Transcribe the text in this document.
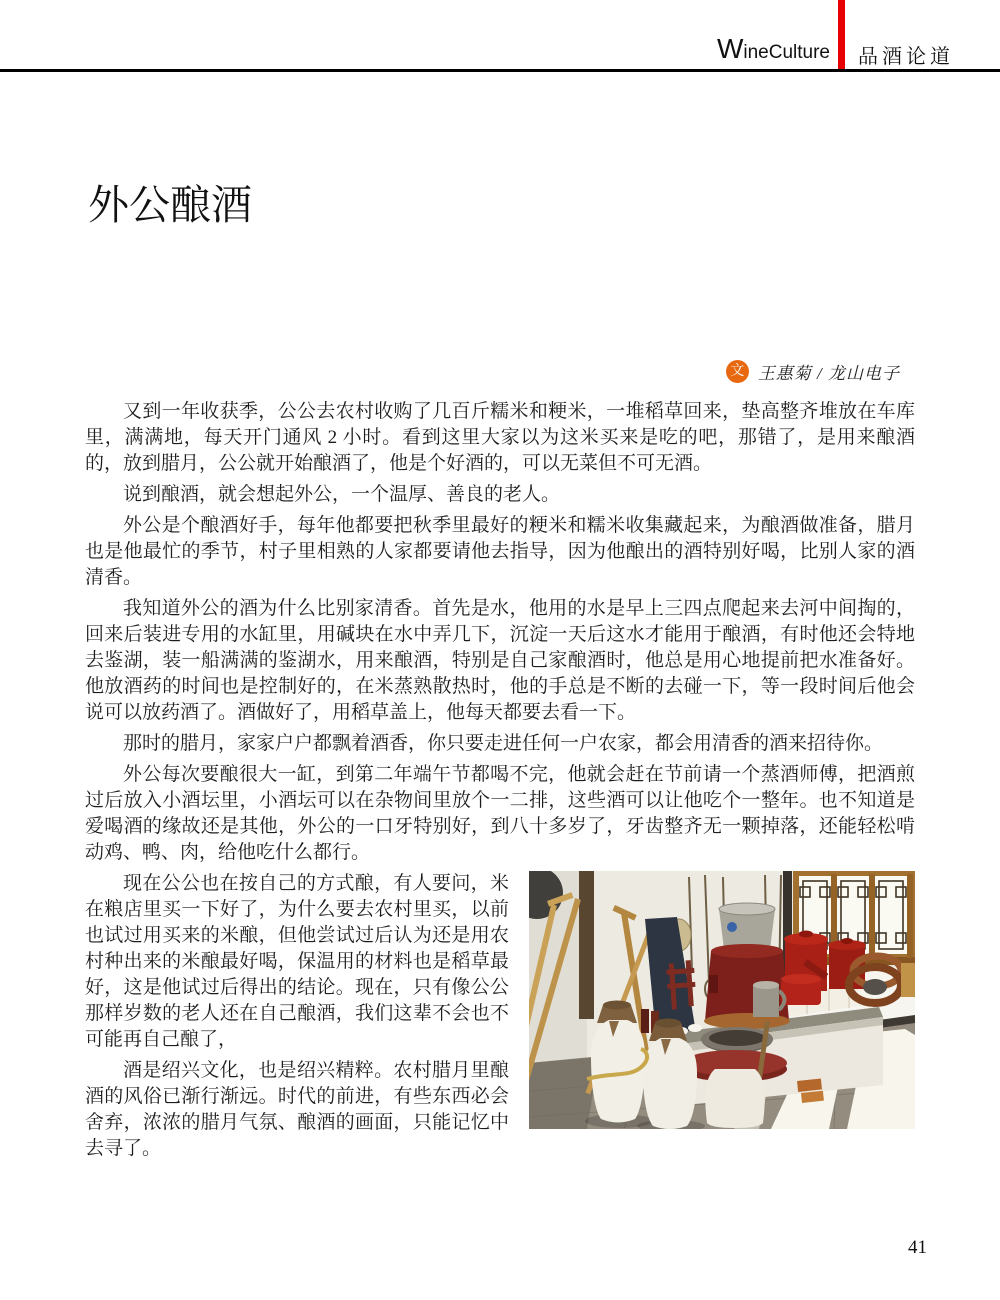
WineCulture 品酒论道
外公酿酒
文 王惠菊 / 龙山电子

又到一年收获季，公公去农村收购了几百斤糯米和粳米，一堆稻草回来，垫高整齐堆放在车库里，满满地，每天开门通风 2 小时。看到这里大家以为这米买来是吃的吧，那错了，是用来酿酒的，放到腊月，公公就开始酿酒了，他是个好酒的，可以无菜但不可无酒。

说到酿酒，就会想起外公，一个温厚、善良的老人。

外公是个酿酒好手，每年他都要把秋季里最好的粳米和糯米收集藏起来，为酿酒做准备，腊月也是他最忙的季节，村子里相熟的人家都要请他去指导，因为他酿出的酒特别好喝，比别人家的酒清香。

我知道外公的酒为什么比别家清香。首先是水，他用的水是早上三四点爬起来去河中间掏的，回来后装进专用的水缸里，用碱块在水中弄几下，沉淀一天后这水才能用于酿酒，有时他还会特地去鉴湖，装一船满满的鉴湖水，用来酿酒，特别是自己家酿酒时，他总是用心地提前把水准备好。他放酒药的时间也是控制好的，在米蒸熟散热时，他的手总是不断的去碰一下，等一段时间后他会说可以放药酒了。酒做好了，用稻草盖上，他每天都要去看一下。

那时的腊月，家家户户都飘着酒香，你只要走进任何一户农家，都会用清香的酒来招待你。

外公每次要酿很大一缸，到第二年端午节都喝不完，他就会赶在节前请一个蒸酒师傅，把酒煎过后放入小酒坛里，小酒坛可以在杂物间里放个一二排，这些酒可以让他吃个一整年。也不知道是爱喝酒的缘故还是其他，外公的一口牙特别好，到八十多岁了，牙齿整齐无一颗掉落，还能轻松啃动鸡、鸭、肉，给他吃什么都行。

现在公公也在按自己的方式酿，有人要问，米在粮店里买一下好了，为什么要去农村里买，以前也试过用买来的米酿，但他尝试过后认为还是用农村种出来的米酿最好喝，保温用的材料也是稻草最好，这是他试过后得出的结论。现在，只有像公公那样岁数的老人还在自己酿酒，我们这辈不会也不可能再自己酿了，

酒是绍兴文化，也是绍兴精粹。农村腊月里酿酒的风俗已渐行渐远。时代的前进，有些东西必会舍弃，浓浓的腊月气氛、酿酒的画面，只能记忆中去寻了。

41
